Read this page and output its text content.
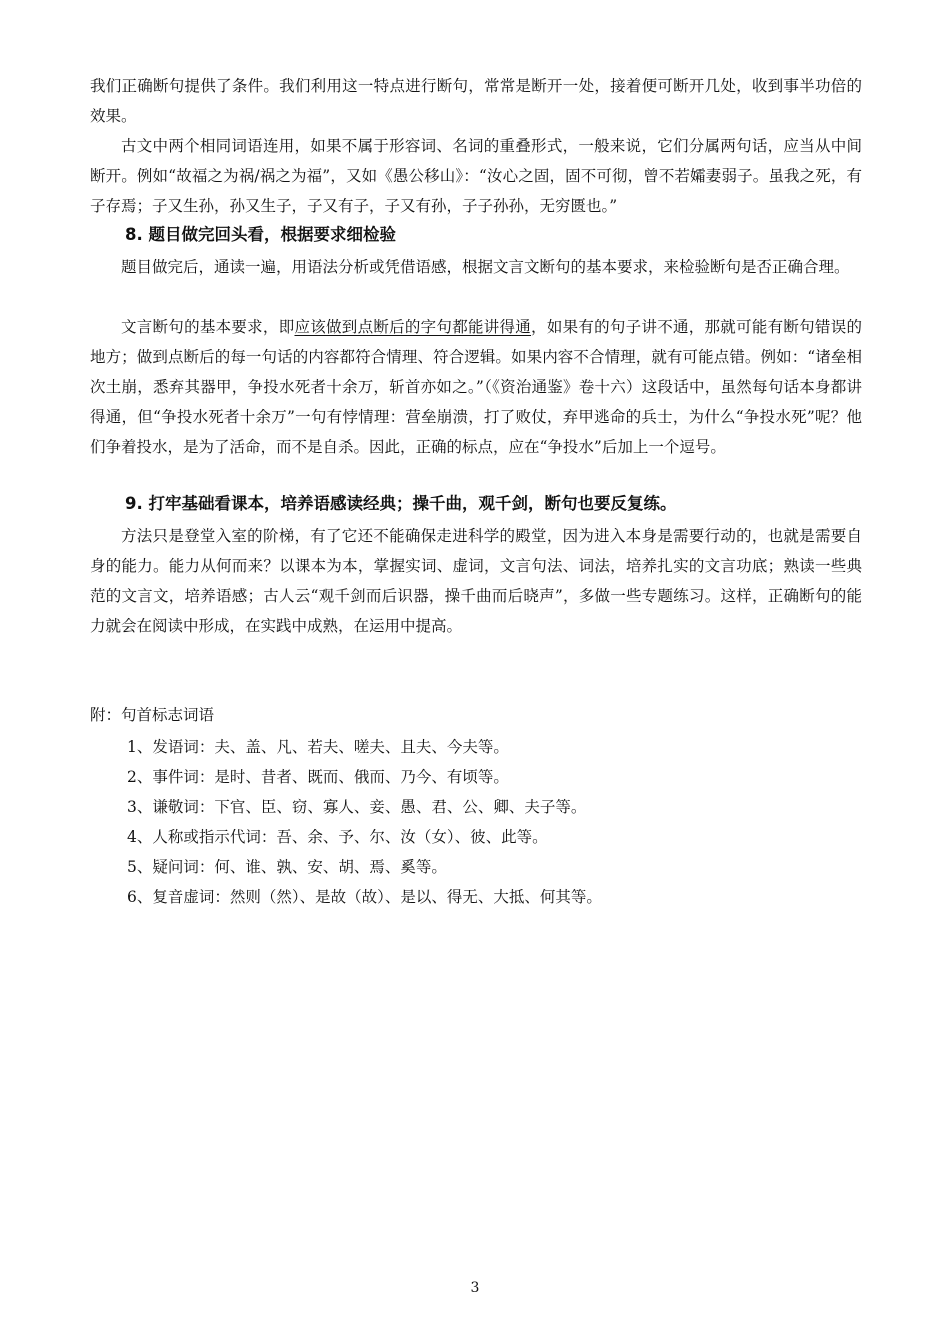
我们正确断句提供了条件。我们利用这一特点进行断句，常常是断开一处，接着便可断开几处，收到事半功倍的效果。

古文中两个相同词语连用，如果不属于形容词、名词的重叠形式，一般来说，它们分属两句话，应当从中间断开。例如“故福之为祸/祸之为福”，又如《愚公移山》：“汝心之固，固不可彻，曾不若孀妻弱子。虽我之死，有子存焉；子又生孙，孙又生子，子又有子，子又有孙，子子孙孙，无穷匮也。”

8. 题目做完回头看，根据要求细检验

题目做完后，通读一遍，用语法分析或凭借语感，根据文言文断句的基本要求，来检验断句是否正确合理。

文言断句的基本要求，即应该做到点断后的字句都能讲得通，如果有的句子讲不通，那就可能有断句错误的地方；做到点断后的每一句话的内容都符合情理、符合逻辑。如果内容不合情理，就有可能点错。例如：“诸垒相次土崩，悉弃其器甲，争投水死者十余万，斩首亦如之。”（《资治通鉴》卷十六）这段话中，虽然每句话本身都讲得通，但“争投水死者十余万”一句有悖情理：营垒崩溃，打了败仗，弃甲逃命的兵士，为什么“争投水死”呢？他们争着投水，是为了活命，而不是自杀。因此，正确的标点，应在“争投水”后加上一个逗号。

9. 打牢基础看课本，培养语感读经典；操千曲，观千剑，断句也要反复练。

方法只是登堂入室的阶梯，有了它还不能确保走进科学的殿堂，因为进入本身是需要行动的，也就是需要自身的能力。能力从何而来？以课本为本，掌握实词、虚词，文言句法、词法，培养扎实的文言功底；熟读一些典范的文言文，培养语感；古人云“观千剑而后识器，操千曲而后晓声”，多做一些专题练习。这样，正确断句的能力就会在阅读中形成，在实践中成熟，在运用中提高。

附：句首标志词语

1、发语词：夫、盖、凡、若夫、嗟夫、且夫、今夫等。
2、事件词：是时、昔者、既而、俄而、乃今、有顷等。
3、谦敬词：下官、臣、窃、寡人、妾、愚、君、公、卿、夫子等。
4、人称或指示代词：吾、余、予、尔、汝（女）、彼、此等。
5、疑问词：何、谁、孰、安、胡、焉、奚等。
6、复音虚词：然则（然）、是故（故）、是以、得无、大抵、何其等。
3
